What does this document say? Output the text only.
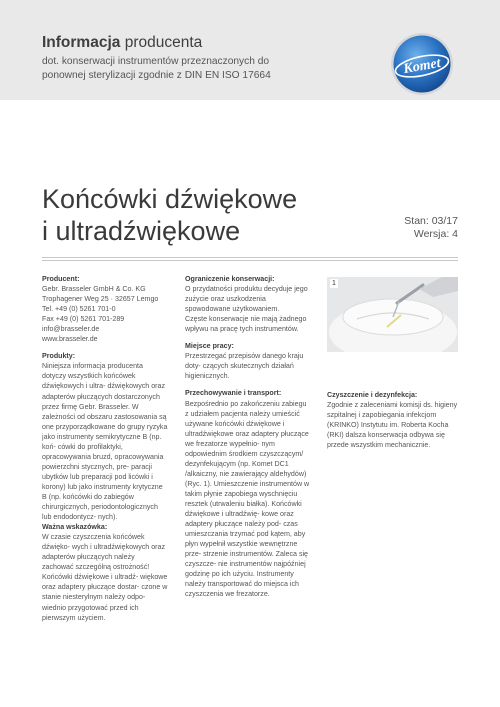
Informacja producenta
dot. konserwacji instrumentów przeznaczonych do ponownej sterylizacji zgodnie z DIN EN ISO 17664	Komet
Końcówki dźwiękowe
i ultradźwiękowe	Stan: 03/17
Wersja: 4
Producent:
Gebr. Brasseler GmbH & Co. KG
Trophagener Weg 25 · 32657 Lemgo
Tel. +49 (0) 5261 701-0
Fax +49 (0) 5261 701-289
info@brasseler.de
www.brasseler.de
Produkty:

Niniejsza informacja producenta dotyczy wszystkich końcówek dźwiękowych i ultra- dźwiękowych oraz adapterów płuczących dostarczonych przez firmę Gebr. Brasseler. W zależności od obszaru zastosowania są one przyporządkowane do grupy ryzyka jako instrumenty semikrytyczne B (np. koń- cówki do profilaktyki, opracowywania bruzd, opracowywania powierzchni stycznych, pre- paracji ubytków lub preparacji pod licówki i korony) lub jako instrumenty krytyczne B (np. końcówki do zabiegów chirurgicznych, periodontologicznych lub endodontycz- nych).

Ważna wskazówka:

W czasie czyszczenia końcówek dźwięko- wych i ultradźwiękowych oraz adapterów płuczących należy zachować szczególną ostrożność! Końcówki dźwiękowe i ultradź- więkowe oraz adaptery płuczące dostar- czone w stanie niesterylnym należy odpo- wiednio przygotować przed ich pierwszym użyciem.

Ograniczenie konserwacji:

O przydatności produktu decyduje jego zużycie oraz uszkodzenia spowodowane użytkowaniem.

Częste konserwacje nie mają żadnego wpływu na pracę tych instrumentów.

Miejsce pracy:

Przestrzegać przepisów danego kraju doty- czących skutecznych działań higienicznych.

Przechowywanie i transport:

Bezpośrednio po zakończeniu zabiegu z udziałem pacjenta należy umieścić używane końcówki dźwiękowe i ultradźwiękowe oraz adaptery płuczące we frezatorze wypełnio- nym odpowiednim środkiem czyszczącym/ dezynfekującym (np. Komet DC1 /alkaiczny, nie zawierający aldehydów) (Ryc. 1). Umieszczenie instrumentów w takim płynie zapobiega wyschnięciu resztek (utrwaleniu białka). Końcówki dźwiękowe i ultradźwię- kowe oraz adaptery płuczące należy pod- czas umieszczania trzymać pod kątem, aby płyn wypełnił wszystkie wewnętrzne prze- strzenie instrumentów. Zaleca się czyszcze- nie instrumentów najpóźniej godzinę po ich użyciu. Instrumenty należy transportować do miejsca ich czyszczenia we frezatorze.

1
Czyszczenie i dezynfekcja:

Zgodnie z zaleceniami komisji ds. higieny szpitalnej i zapobiegania infekcjom (KRINKO) Instytutu im. Roberta Kocha (RKI) dalsza konserwacja odbywa się przede wszystkim mechanicznie.
